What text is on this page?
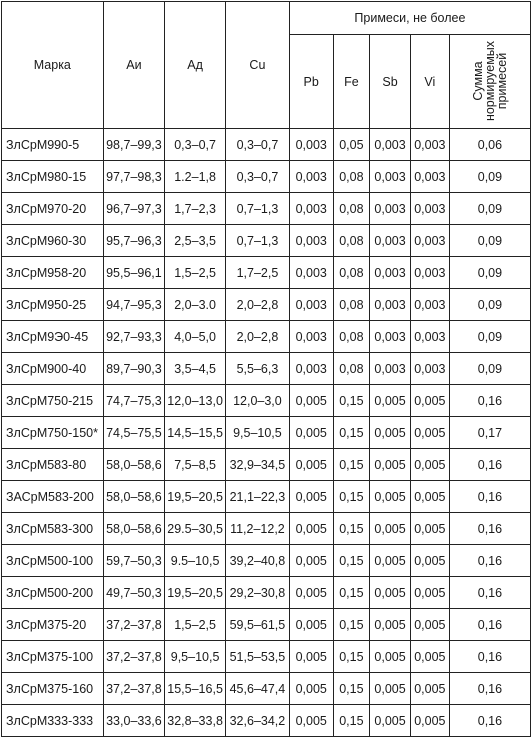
Марка	Аи	Ад	Cu	Примеси, не более				
				Pb	Fe	Sb	Vi	Сумма
нормируемых
примесей
ЗлСрМ990-5	98,7–99,3	0,3–0,7	0,3–0,7	0,003	0,05	0,003	0,003	0,06
ЗлСрМ980-15	97,7–98,3	1.2–1,8	0,3–0,7	0,003	0,08	0,003	0,003	0,09
ЗлСрМ970-20	96,7–97,3	1,7–2,3	0,7–1,3	0,003	0,08	0,003	0,003	0,09
ЗлСрМ960-30	95,7–96,3	2,5–3,5	0,7–1,3	0,003	0,08	0,003	0,003	0,09
ЗлСрМ958-20	95,5–96,1	1,5–2,5	1,7–2,5	0,003	0,08	0,003	0,003	0,09
ЗлСрМ950-25	94,7–95,3	2,0–3.0	2,0–2,8	0,003	0,08	0,003	0,003	0,09
ЗлСрМ9Э0-45	92,7–93,3	4,0–5,0	2,0–2,8	0,003	0,08	0,003	0,003	0,09
ЗлСрМ900-40	89,7–90,3	3,5–4,5	5,5–6,3	0,003	0,08	0,003	0,003	0,09
ЗлСрМ750-215	74,7–75,3	12,0–13,0	12,0–3,0	0,005	0,15	0,005	0,005	0,16
ЗлСрМ750-150*	74,5–75,5	14,5–15,5	9,5–10,5	0,005	0,15	0,005	0,005	0,17
ЗлСрМ583-80	58,0–58,6	7,5–8,5	32,9–34,5	0,005	0,15	0,005	0,005	0,16
ЗАСрМ583-200	58,0–58,6	19,5–20,5	21,1–22,3	0,005	0,15	0,005	0,005	0,16
ЗлСрМ583-300	58,0–58,6	29.5–30,5	11,2–12,2	0,005	0,15	0,005	0,005	0,16
ЗлСрМ500-100	59,7–50,3	9.5–10,5	39,2–40,8	0,005	0,15	0,005	0,005	0,16
ЗлСрМ500-200	49,7–50,3	19,5–20,5	29,2–30,8	0,005	0,15	0,005	0,005	0,16
ЗлСрМ375-20	37,2–37,8	1,5–2,5	59,5–61,5	0,005	0,15	0,005	0,005	0,16
ЗлСрМ375-100	37,2–37,8	9,5–10,5	51,5–53,5	0,005	0,15	0,005	0,005	0,16
ЗлСрМ375-160	37,2–37,8	15,5–16,5	45,6–47,4	0,005	0,15	0,005	0,005	0,16
ЗлСрМ333-333	33,0–33,6	32,8–33,8	32,6–34,2	0,005	0,15	0,005	0,005	0,16
